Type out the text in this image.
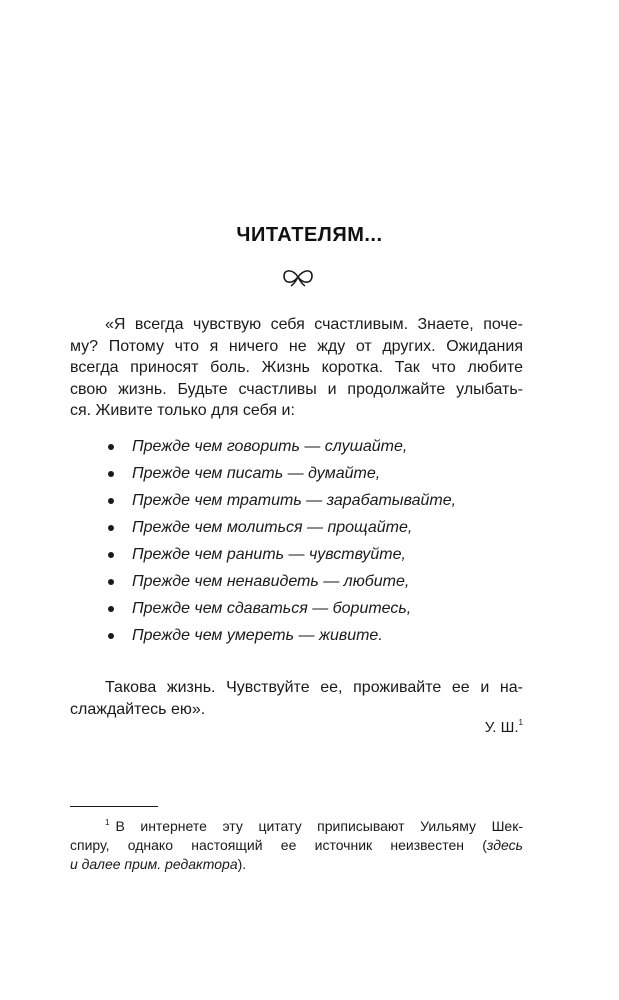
ЧИТАТЕЛЯМ...
«Я всегда чувствую себя счастливым. Знаете, поче-
му? Потому что я ничего не жду от других. Ожидания
всегда приносят боль. Жизнь коротка. Так что любите
свою жизнь. Будьте счастливы и продолжайте улыбать-
ся. Живите только для себя и:
Прежде чем говорить — слушайте,
Прежде чем писать — думайте,
Прежде чем тратить — зарабатывайте,
Прежде чем молиться — прощайте,
Прежде чем ранить — чувствуйте,
Прежде чем ненавидеть — любите,
Прежде чем сдаваться — боритесь,
Прежде чем умереть — живите.
Такова жизнь. Чувствуйте ее, проживайте ее и на-
слаждайтесь ею».
У. Ш.$^1$
$^1$ В интернете эту цитату приписывают Уильяму Шек-
спиру, однако настоящий ее источник неизвестен (здесь
и далее прим. редактора).
